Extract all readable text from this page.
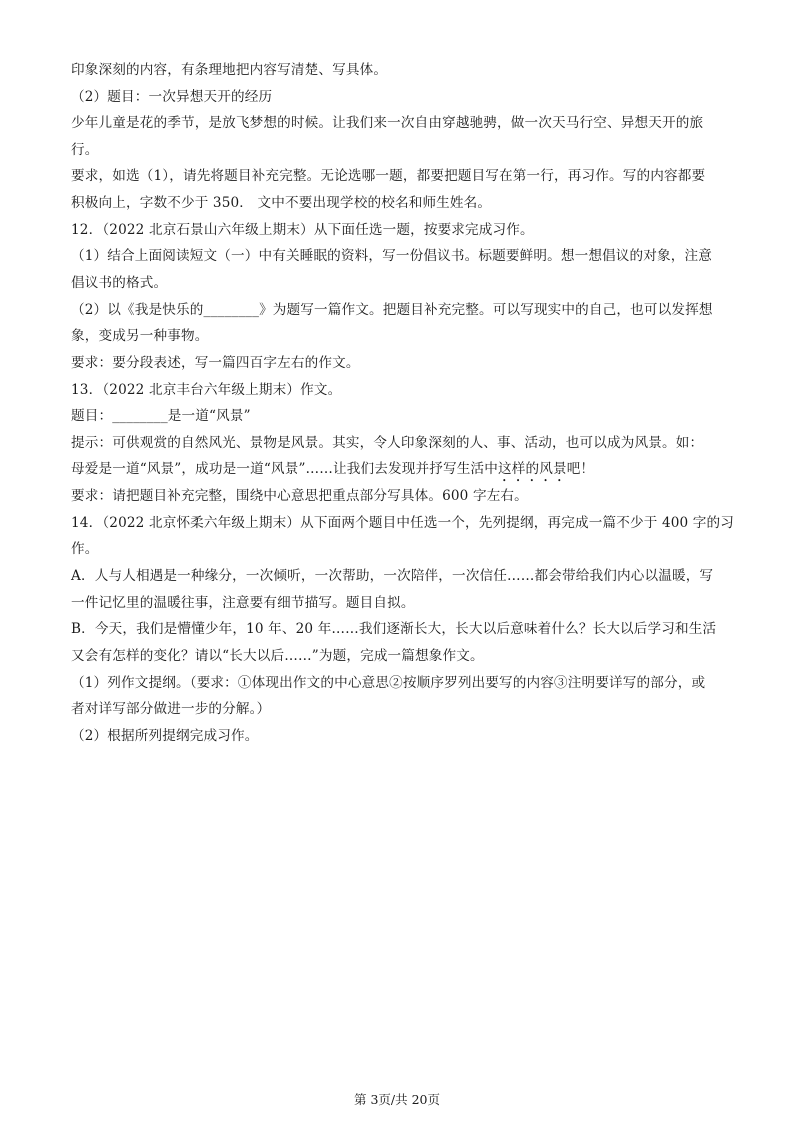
印象深刻的内容，有条理地把内容写清楚、写具体。
（2）题目：一次异想天开的经历
少年儿童是花的季节，是放飞梦想的时候。让我们来一次自由穿越驰骋，做一次天马行空、异想天开的旅
行。
要求，如选（1），请先将题目补充完整。无论选哪一题，都要把题目写在第一行，再习作。写的内容都要
积极向上，字数不少于 350． 文中不要出现学校的校名和师生姓名。
12．（2022 北京石景山六年级上期末）从下面任选一题，按要求完成习作。
（1）结合上面阅读短文（一）中有关睡眠的资料，写一份倡议书。标题要鲜明。想一想倡议的对象，注意
倡议书的格式。
（2）以《我是快乐的________》为题写一篇作文。把题目补充完整。可以写现实中的自己，也可以发挥想
象，变成另一种事物。
要求：要分段表述，写一篇四百字左右的作文。
13．（2022 北京丰台六年级上期末）作文。
题目：________是一道“风景”
提示：可供观赏的自然风光、景物是风景。其实，令人印象深刻的人、事、活动，也可以成为风景。如：
母爱是一道“风景”，成功是一道“风景”……让我们去发现并抒写生活中这样的风景吧！
要求：请把题目补充完整，围绕中心意思把重点部分写具体。600 字左右。
14．（2022 北京怀柔六年级上期末）从下面两个题目中任选一个，先列提纲，再完成一篇不少于 400 字的习
作。
A．人与人相遇是一种缘分，一次倾听，一次帮助，一次陪伴，一次信任……都会带给我们内心以温暖，写
一件记忆里的温暖往事，注意要有细节描写。题目自拟。
B．今天，我们是懵懂少年，10 年、20 年……我们逐渐长大，长大以后意味着什么？长大以后学习和生活
又会有怎样的变化？请以“长大以后……”为题，完成一篇想象作文。
（1）列作文提纲。（要求：①体现出作文的中心意思②按顺序罗列出要写的内容③注明要详写的部分，或
者对详写部分做进一步的分解。）
（2）根据所列提纲完成习作。
第 3页/共 20页
